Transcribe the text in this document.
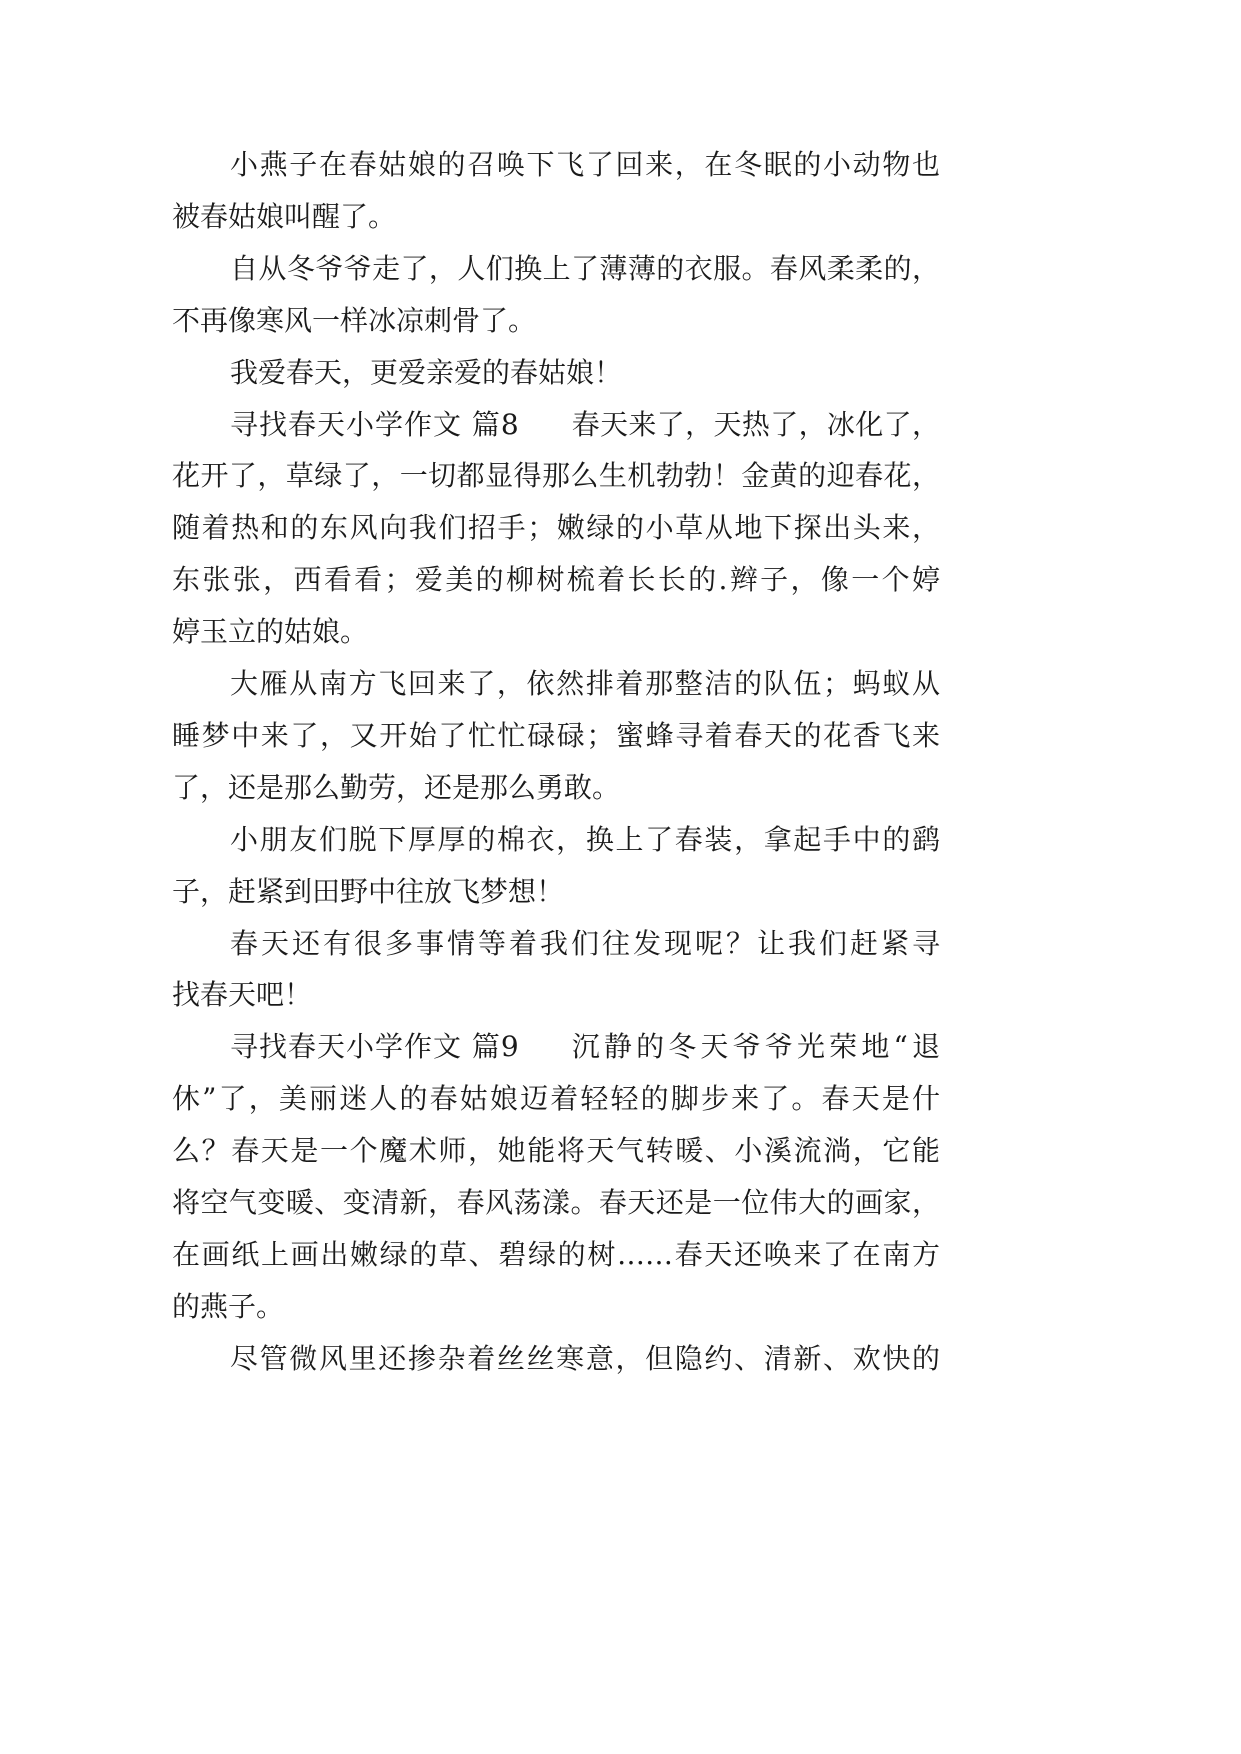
小燕子在春姑娘的召唤下飞了回来，在冬眠的小动物也
被春姑娘叫醒了。
自从冬爷爷走了，人们换上了薄薄的衣服。春风柔柔的，
不再像寒风一样冰凉刺骨了。
我爱春天，更爱亲爱的春姑娘！
寻找春天小学作文 篇8 春天来了，天热了，冰化了，
花开了，草绿了，一切都显得那么生机勃勃！金黄的迎春花，
随着热和的东风向我们招手；嫩绿的小草从地下探出头来，
东张张，西看看；爱美的柳树梳着长长的.辫子，像一个婷
婷玉立的姑娘。
大雁从南方飞回来了，依然排着那整洁的队伍；蚂蚁从
睡梦中来了，又开始了忙忙碌碌；蜜蜂寻着春天的花香飞来
了，还是那么勤劳，还是那么勇敢。
小朋友们脱下厚厚的棉衣，换上了春装，拿起手中的鹞
子，赶紧到田野中往放飞梦想！
春天还有很多事情等着我们往发现呢？让我们赶紧寻
找春天吧！
寻找春天小学作文 篇9 沉静的冬天爷爷光荣地“退
休”了，美丽迷人的春姑娘迈着轻轻的脚步来了。春天是什
么？春天是一个魔术师，她能将天气转暖、小溪流淌，它能
将空气变暖、变清新，春风荡漾。春天还是一位伟大的画家，
在画纸上画出嫩绿的草、碧绿的树……春天还唤来了在南方
的燕子。
尽管微风里还掺杂着丝丝寒意，但隐约、清新、欢快的
